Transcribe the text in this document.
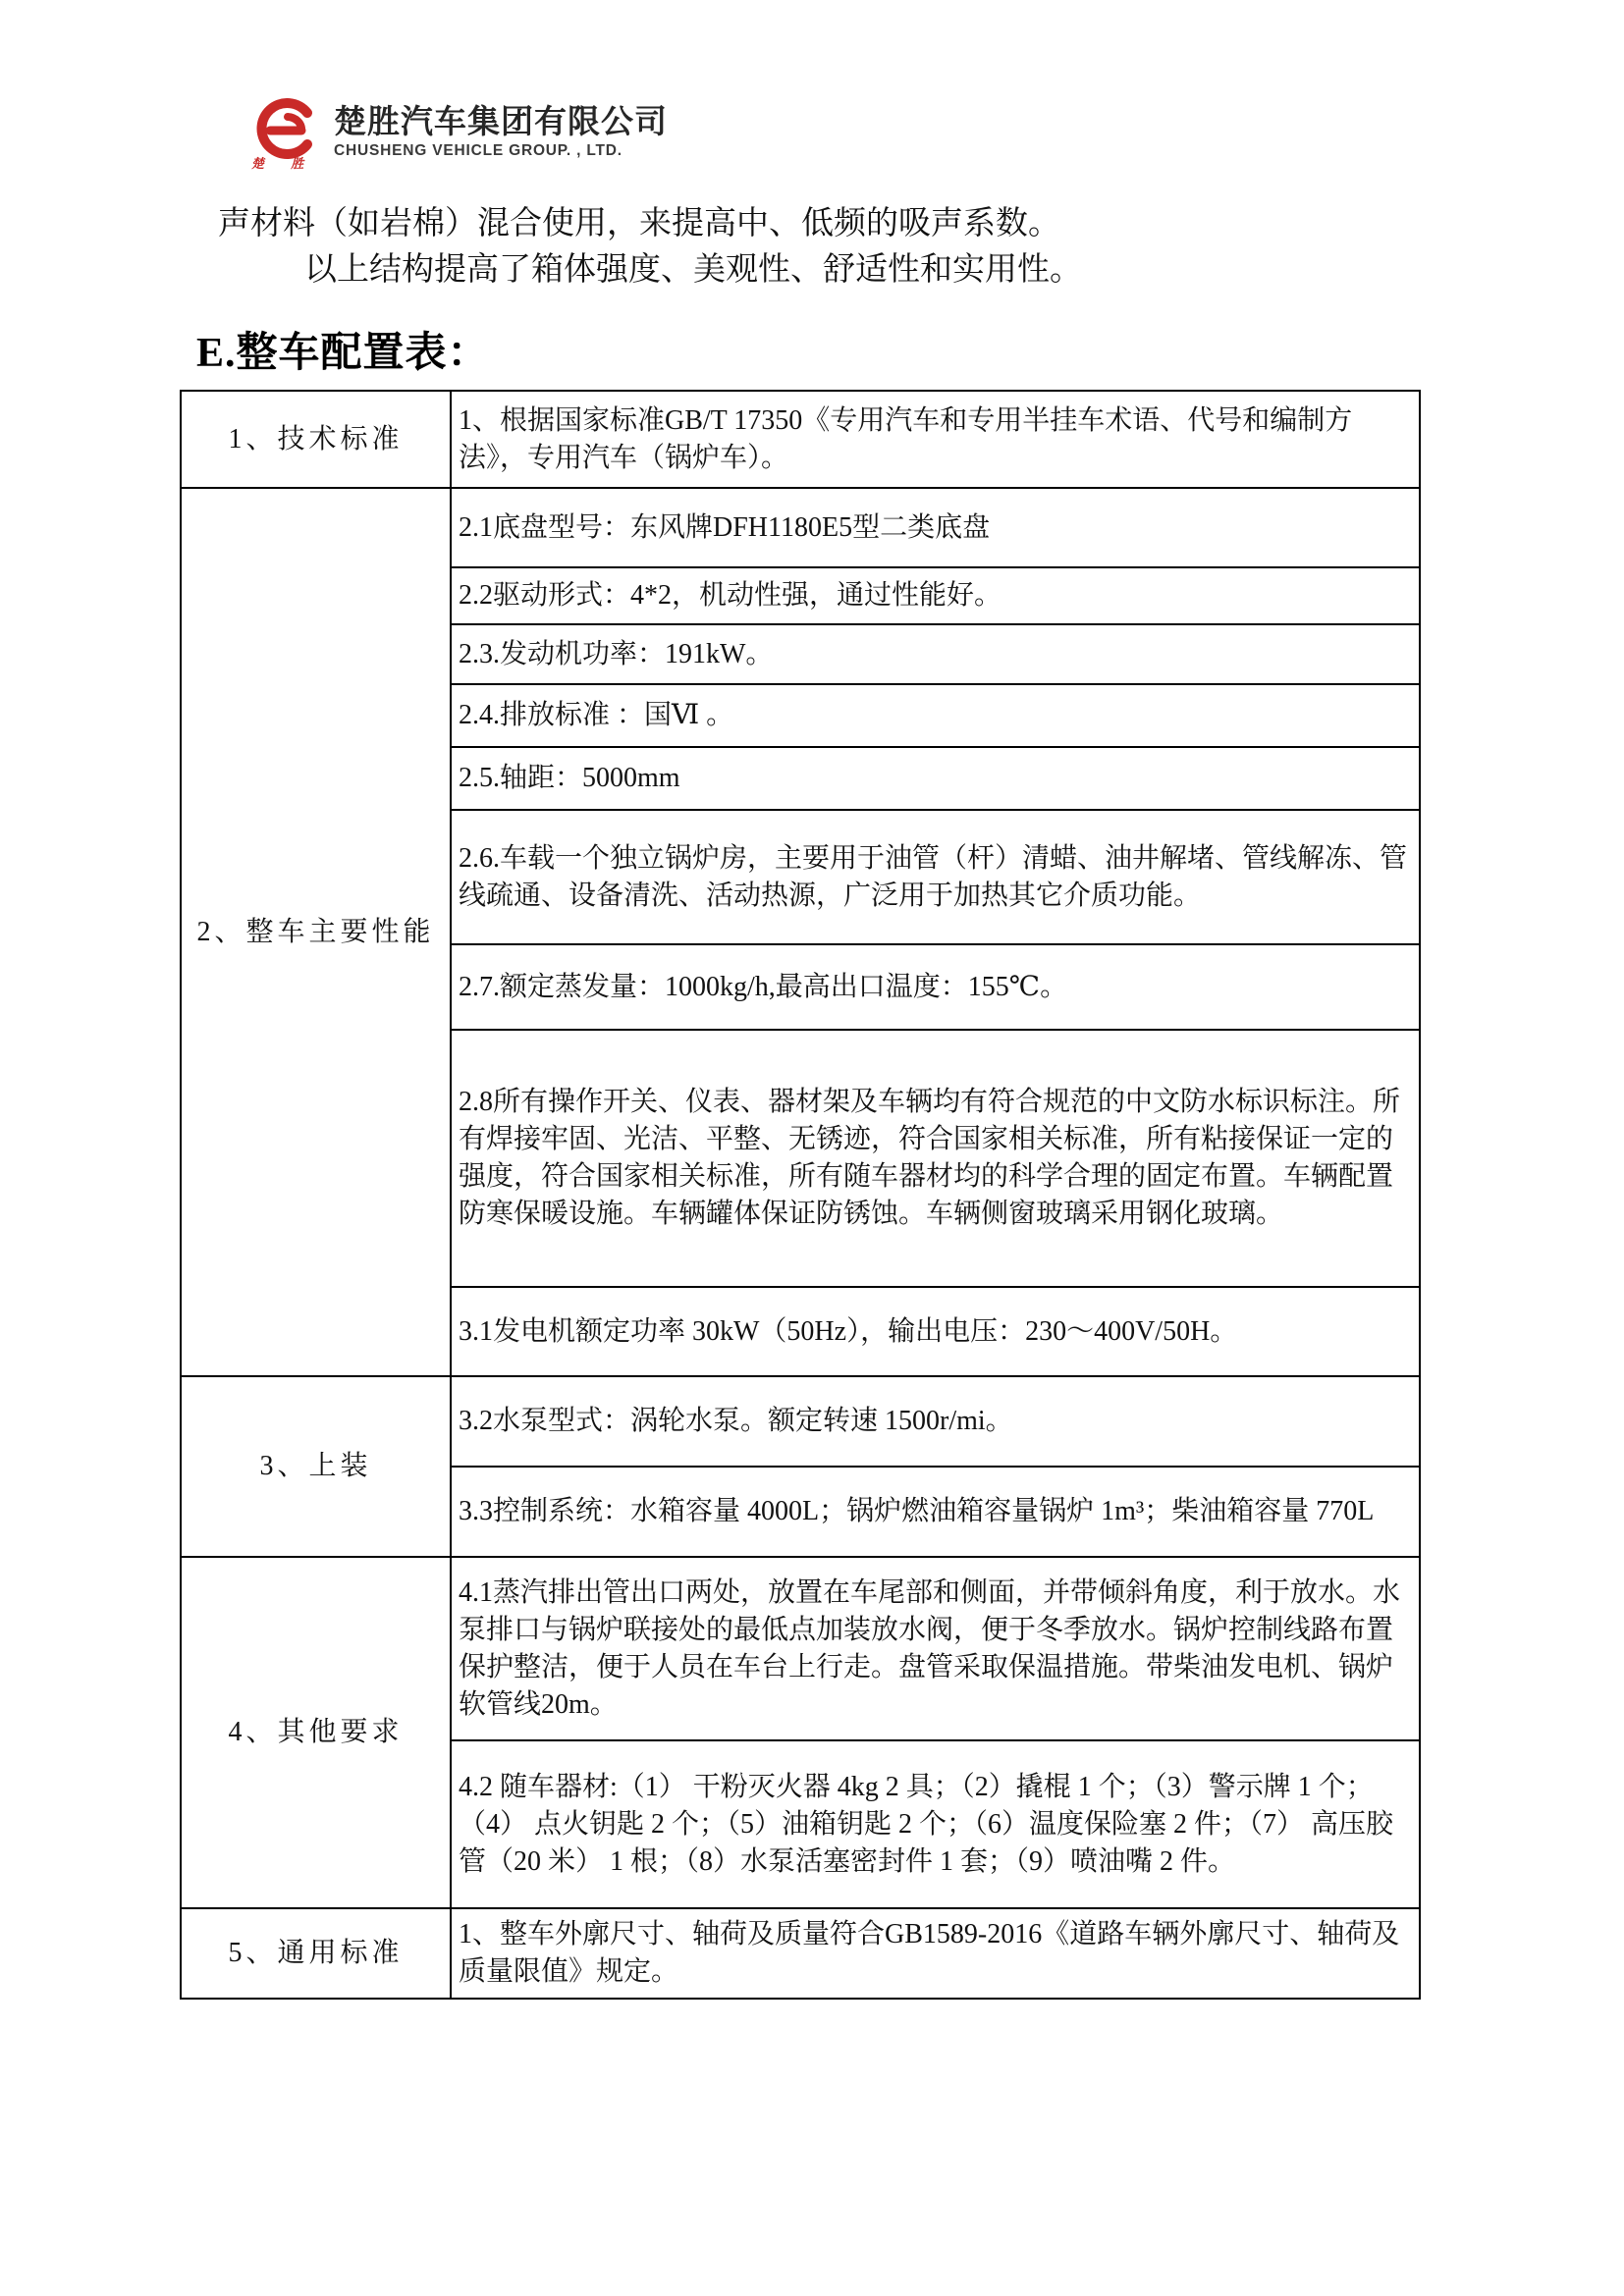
楚 胜
楚胜汽车集团有限公司
CHUSHENG VEHICLE GROUP. , LTD.
声材料（如岩棉）混合使用，来提高中、低频的吸声系数。
以上结构提高了箱体强度、美观性、舒适性和实用性。
E.整车配置表：
1、技术标准	1、根据国家标准GB/T 17350《专用汽车和专用半挂车术语、代号和编制方法》，专用汽车（锅炉车）。
2、整车主要性能	2.1底盘型号：东风牌DFH1180E5型二类底盘
	2.2驱动形式：4*2，机动性强，通过性能好。
	2.3.发动机功率：191kW。
	2.4.排放标准 ：国Ⅵ 。
	2.5.轴距：5000mm
	2.6.车载一个独立锅炉房，主要用于油管（杆）清蜡、油井解堵、管线解冻、管线疏通、设备清洗、活动热源，广泛用于加热其它介质功能。
	2.7.额定蒸发量：1000kg/h,最高出口温度：155℃。
	2.8所有操作开关、仪表、器材架及车辆均有符合规范的中文防水标识标注。所有焊接牢固、光洁、平整、无锈迹，符合国家相关标准，所有粘接保证一定的强度，符合国家相关标准，所有随车器材均的科学合理的固定布置。车辆配置防寒保暖设施。车辆罐体保证防锈蚀。车辆侧窗玻璃采用钢化玻璃。
	3.1发电机额定功率 30kW（50Hz），输出电压：230～400V/50H。
3、上装	3.2水泵型式：涡轮水泵。额定转速 1500r/mi。
	3.3控制系统：水箱容量 4000L；锅炉燃油箱容量锅炉 1m³；柴油箱容量 770L
4、其他要求	4.1蒸汽排出管出口两处，放置在车尾部和侧面，并带倾斜角度，利于放水。水泵排口与锅炉联接处的最低点加装放水阀，便于冬季放水。锅炉控制线路布置保护整洁，便于人员在车台上行走。盘管采取保温措施。带柴油发电机、锅炉软管线20m。
	4.2 随车器材:（1） 干粉灭火器 4kg 2 具；（2）撬棍 1 个；（3）警示牌 1 个；（4） 点火钥匙 2 个；（5）油箱钥匙 2 个；（6）温度保险塞 2 件；（7） 高压胶管（20 米） 1 根；（8）水泵活塞密封件 1 套；（9）喷油嘴 2 件。
5、通用标准	1、整车外廓尺寸、轴荷及质量符合GB1589-2016《道路车辆外廓尺寸、轴荷及质量限值》规定。
